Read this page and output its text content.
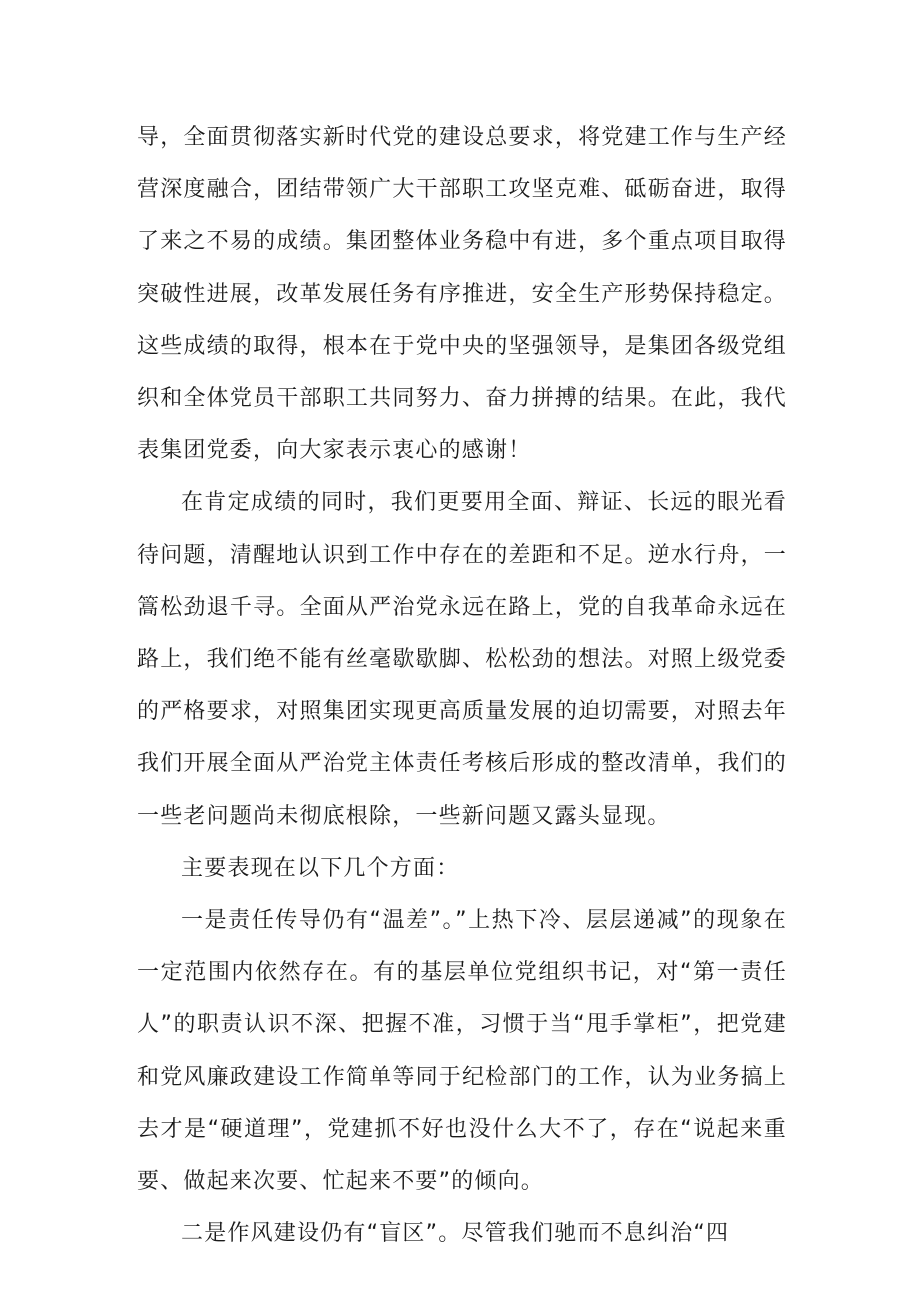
导，全面贯彻落实新时代党的建设总要求，将党建工作与生产经营深度融合，团结带领广大干部职工攻坚克难、砥砺奋进，取得了来之不易的成绩。集团整体业务稳中有进，多个重点项目取得突破性进展，改革发展任务有序推进，安全生产形势保持稳定。这些成绩的取得，根本在于党中央的坚强领导，是集团各级党组织和全体党员干部职工共同努力、奋力拼搏的结果。在此，我代表集团党委，向大家表示衷心的感谢！

在肯定成绩的同时，我们更要用全面、辩证、长远的眼光看待问题，清醒地认识到工作中存在的差距和不足。逆水行舟，一篙松劲退千寻。全面从严治党永远在路上，党的自我革命永远在路上，我们绝不能有丝毫歇歇脚、松松劲的想法。对照上级党委的严格要求，对照集团实现更高质量发展的迫切需要，对照去年我们开展全面从严治党主体责任考核后形成的整改清单，我们的一些老问题尚未彻底根除，一些新问题又露头显现。

主要表现在以下几个方面：

一是责任传导仍有“温差”。”上热下冷、层层递减”的现象在一定范围内依然存在。有的基层单位党组织书记，对“第一责任人”的职责认识不深、把握不准，习惯于当“甩手掌柜”，把党建和党风廉政建设工作简单等同于纪检部门的工作，认为业务搞上去才是“硬道理”，党建抓不好也没什么大不了，存在“说起来重要、做起来次要、忙起来不要”的倾向。

二是作风建设仍有“盲区”。尽管我们驰而不息纠治“四
